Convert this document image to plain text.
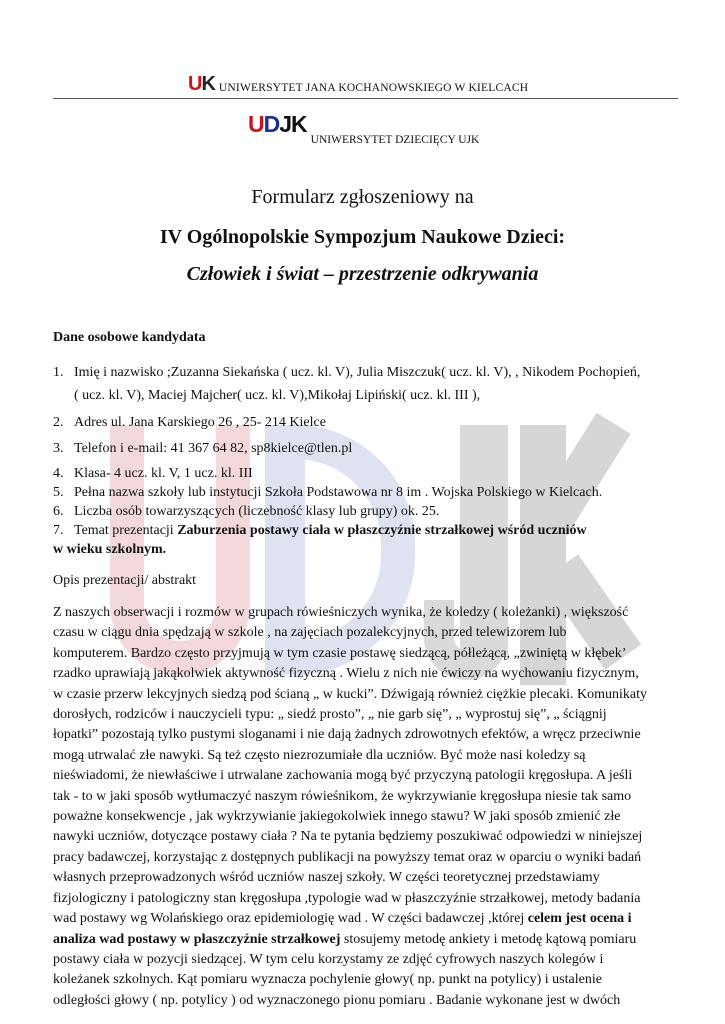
UK UNIWERSYTET JANA KOCHANOWSKIEGO W KIELCACH
UDJK
UNIWERSYTET DZIECIĘCY UJK
Formularz zgłoszeniowy na
IV Ogólnopolskie Sympozjum Naukowe Dzieci:
Człowiek i świat – przestrzenie odkrywania
Dane osobowe kandydata
1. Imię i nazwisko ;Zuzanna Siekańska ( ucz. kl. V), Julia Miszczuk( ucz. kl. V), , Nikodem Pochopień,
( ucz. kl. V), Maciej Majcher( ucz. kl. V),Mikołaj Lipiński( ucz. kl. III ),
2. Adres ul. Jana Karskiego 26 , 25- 214 Kielce
3. Telefon i e-mail: 41 367 64 82, sp8kielce@tlen.pl
4. Klasa- 4 ucz. kl. V, 1 ucz. kl. III
5. Pełna nazwa szkoły lub instytucji Szkoła Podstawowa nr 8 im . Wojska Polskiego w Kielcach.
6. Liczba osób towarzyszących (liczebność klasy lub grupy) ok. 25.
7. Temat prezentacji Zaburzenia postawy ciała w płaszczyźnie strzałkowej wśród uczniów
w wieku szkolnym.
Opis prezentacji/ abstrakt
Z naszych obserwacji i rozmów w grupach rówieśniczych wynika, że koledzy ( koleżanki) , większość
czasu w ciągu dnia spędzają w szkole , na zajęciach pozalekcyjnych, przed telewizorem lub
komputerem. Bardzo często przyjmują w tym czasie postawę siedzącą, półleżącą, „zwiniętą w kłębek’
rzadko uprawiają jakąkolwiek aktywność fizyczną . Wielu z nich nie ćwiczy na wychowaniu fizycznym,
w czasie przerw lekcyjnych siedzą pod ścianą „ w kucki”. Dźwigają również ciężkie plecaki. Komunikaty
dorosłych, rodziców i nauczycieli typu: „ siedź prosto”, „ nie garb się”, „ wyprostuj się”, „ ściągnij
łopatki” pozostają tylko pustymi sloganami i nie dają żadnych zdrowotnych efektów, a wręcz przeciwnie
mogą utrwalać złe nawyki. Są też często niezrozumiałe dla uczniów. Być może nasi koledzy są
nieświadomi, że niewłaściwe i utrwalane zachowania mogą być przyczyną patologii kręgosłupa. A jeśli
tak - to w jaki sposób wytłumaczyć naszym rówieśnikom, że wykrzywianie kręgosłupa niesie tak samo
poważne konsekwencje , jak wykrzywianie jakiegokolwiek innego stawu? W jaki sposób zmienić złe
nawyki uczniów, dotyczące postawy ciała ? Na te pytania będziemy poszukiwać odpowiedzi w niniejszej
pracy badawczej, korzystając z dostępnych publikacji na powyższy temat oraz w oparciu o wyniki badań
własnych przeprowadzonych wśród uczniów naszej szkoły. W części teoretycznej przedstawiamy
fizjologiczny i patologiczny stan kręgosłupa ,typologie wad w płaszczyźnie strzałkowej, metody badania
wad postawy wg Wolańskiego oraz epidemiologię wad . W części badawczej ,której celem jest ocena i
analiza wad postawy w płaszczyźnie strzałkowej stosujemy metodę ankiety i metodę kątową pomiaru
postawy ciała w pozycji siedzącej. W tym celu korzystamy ze zdjęć cyfrowych naszych kolegów i
koleżanek szkolnych. Kąt pomiaru wyznacza pochylenie głowy( np. punkt na potylicy) i ustalenie
odległości głowy ( np. potylicy ) od wyznaczonego pionu pomiaru . Badanie wykonane jest w dwóch
